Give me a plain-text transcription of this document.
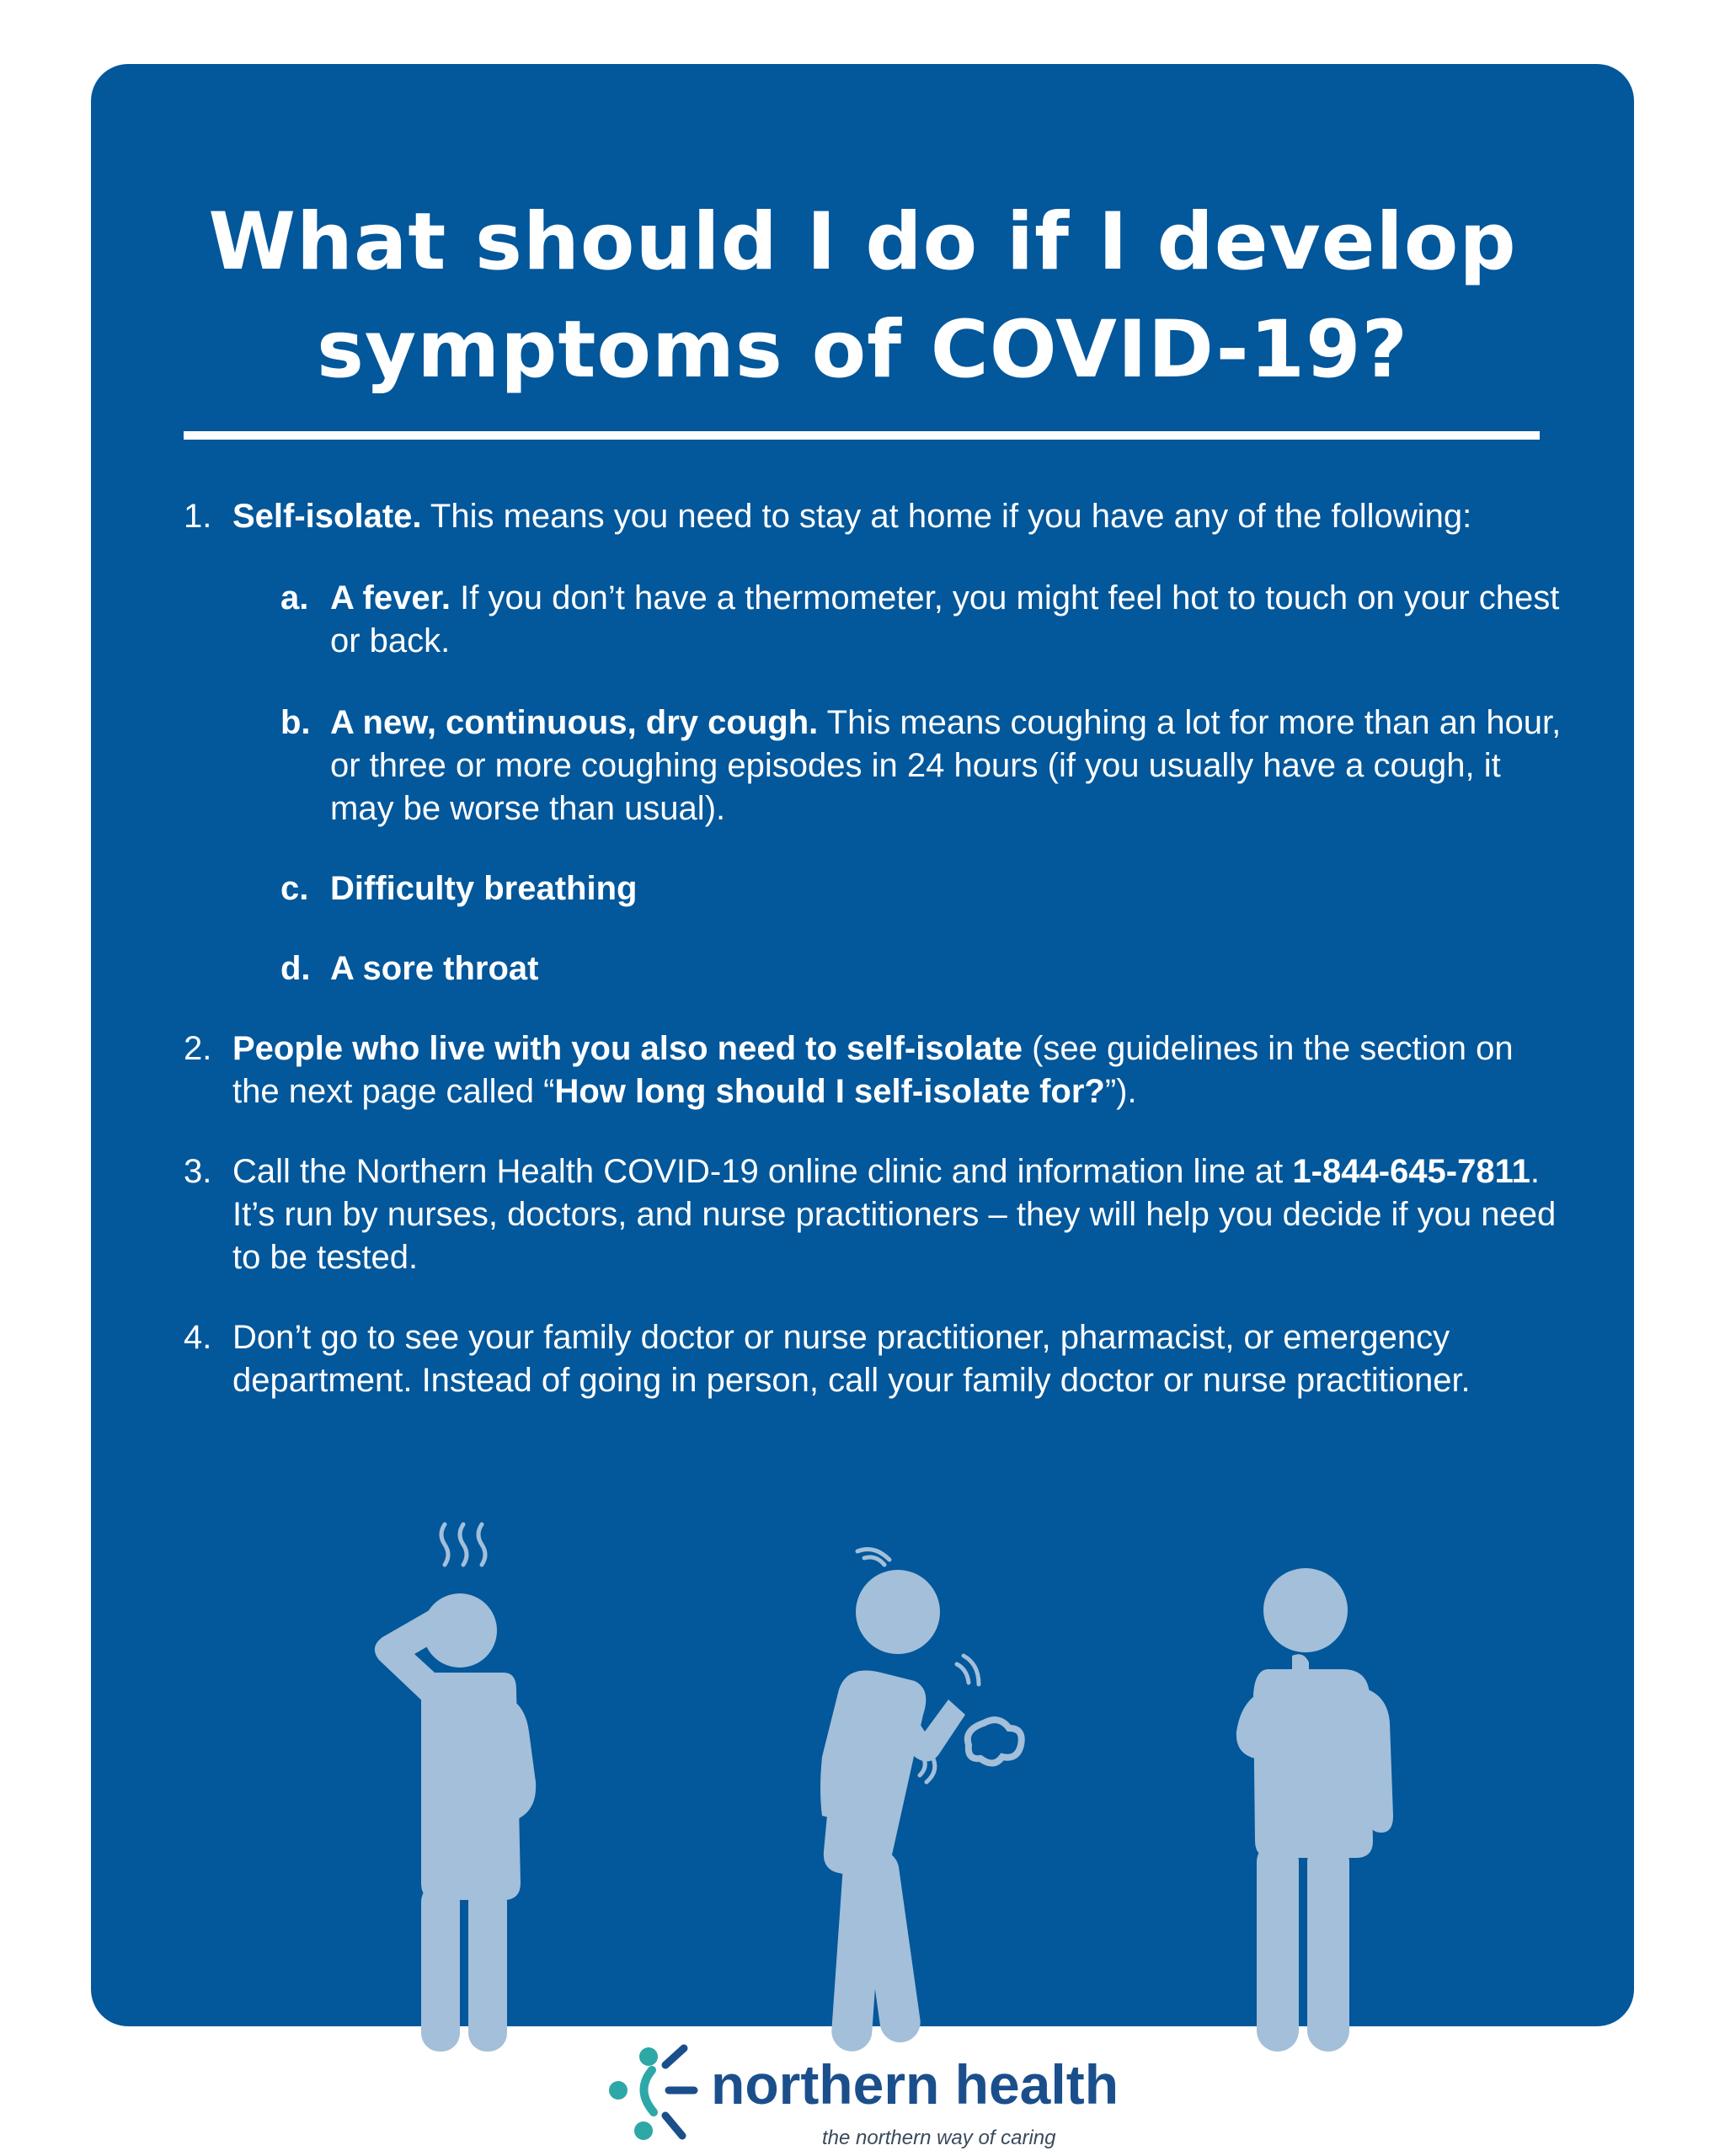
What should I do if I develop
symptoms of COVID-19?
1. Self-isolate. This means you need to stay at home if you have any of the following:
a. A fever. If you don’t have a thermometer, you might feel hot to touch on your chest or back.
b. A new, continuous, dry cough. This means coughing a lot for more than an hour, or three or more coughing episodes in 24 hours (if you usually have a cough, it may be worse than usual).
c. Difficulty breathing
d. A sore throat
2. People who live with you also need to self-isolate (see guidelines in the section on the next page called “How long should I self-isolate for?”).
3. Call the Northern Health COVID-19 online clinic and information line at 1-844-645-7811. It’s run by nurses, doctors, and nurse practitioners – they will help you decide if you need to be tested.
4. Don’t go to see your family doctor or nurse practitioner, pharmacist, or emergency department. Instead of going in person, call your family doctor or nurse practitioner.
northern health
the northern way of caring
